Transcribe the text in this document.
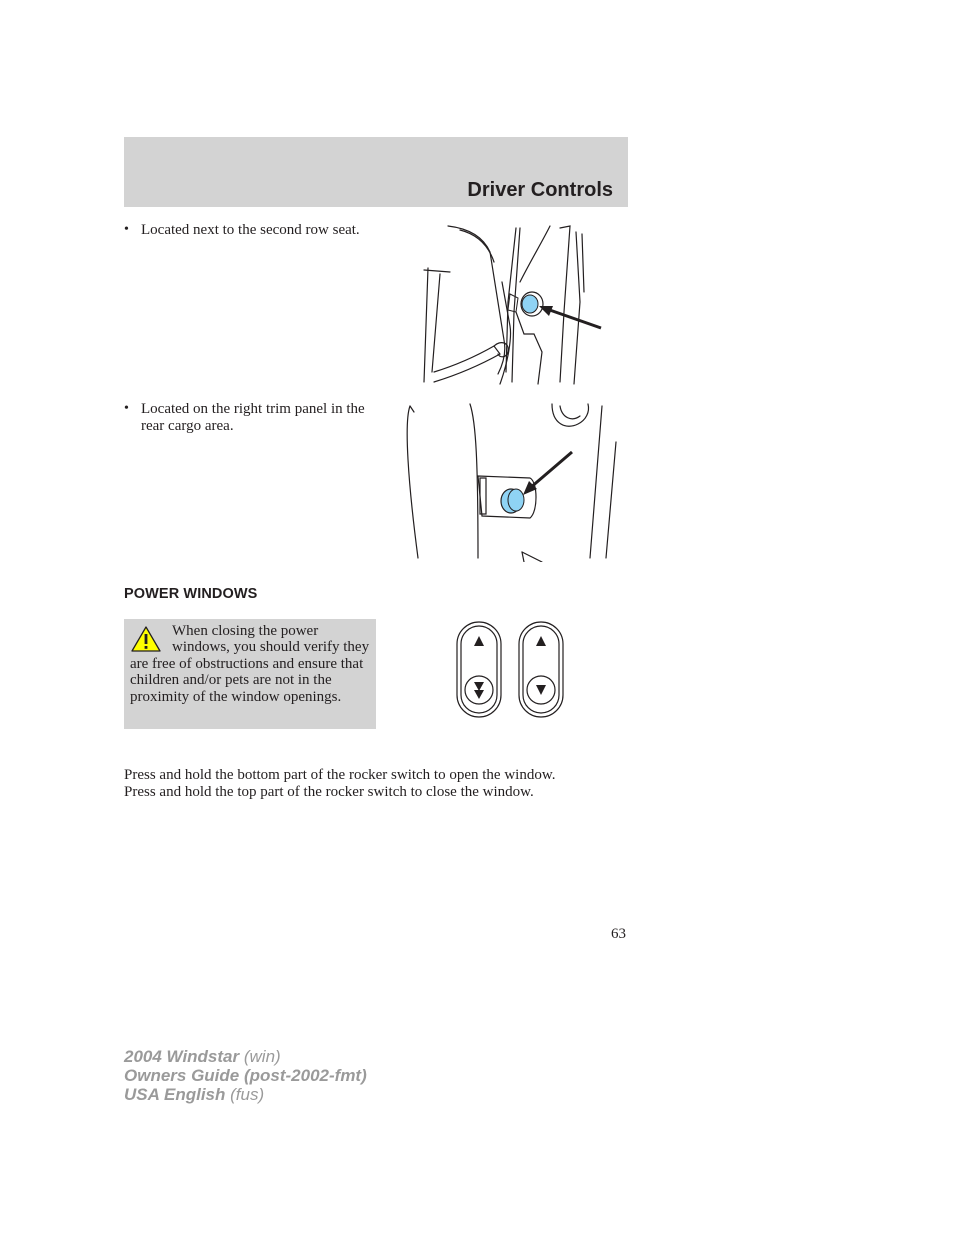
Driver Controls
• Located next to the second row seat.
• Located on the right trim panel in the rear cargo area.
POWER WINDOWS
When closing the power windows, you should verify they are free of obstructions and ensure that children and/or pets are not in the proximity of the window openings.
Press and hold the bottom part of the rocker switch to open the window.
Press and hold the top part of the rocker switch to close the window.
63
2004 Windstar (win)
Owners Guide (post-2002-fmt)
USA English (fus)
